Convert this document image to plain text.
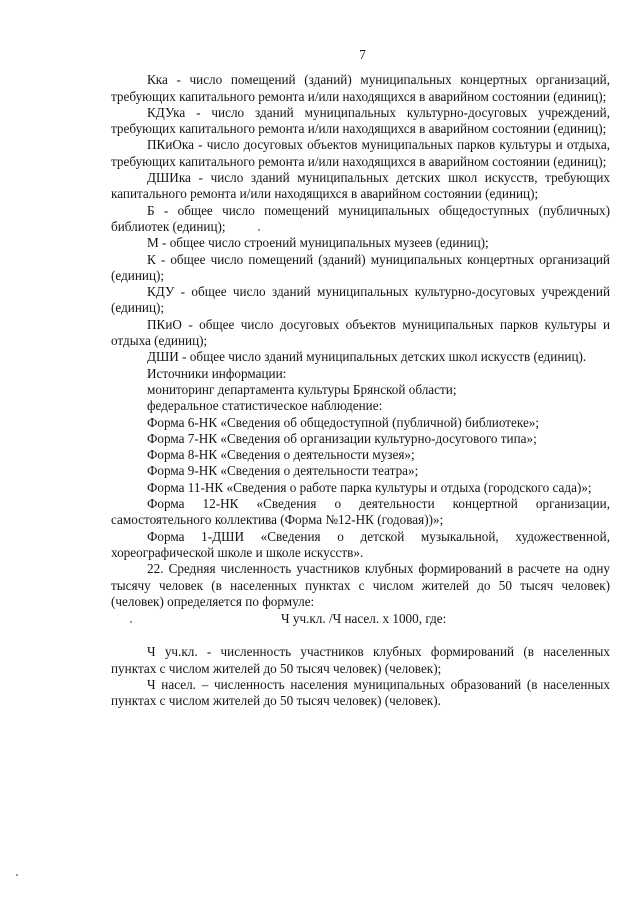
7

Кка - число помещений (зданий) муниципальных концертных организаций, требующих капитального ремонта и/или находящихся в аварийном состоянии (единиц);

КДУка - число зданий муниципальных культурно-досуговых учреждений, требующих капитального ремонта и/или находящихся в аварийном состоянии (единиц);

ПКиОка - число досуговых объектов муниципальных парков культуры и отдыха, требующих капитального ремонта и/или находящихся в аварийном состоянии (единиц);

ДШИка - число зданий муниципальных детских школ искусств, требующих капитального ремонта и/или находящихся в аварийном состоянии (единиц);

Б - общее число помещений муниципальных общедоступных (публичных) библиотек (единиц);

М - общее число строений муниципальных музеев (единиц);

К - общее число помещений (зданий) муниципальных концертных организаций (единиц);

КДУ - общее число зданий муниципальных культурно-досуговых учреждений (единиц);

ПКиО - общее число досуговых объектов муниципальных парков культуры и отдыха (единиц);

ДШИ - общее число зданий муниципальных детских школ искусств (единиц).

Источники информации:

мониторинг департамента культуры Брянской области;

федеральное статистическое наблюдение:

Форма 6-НК «Сведения об общедоступной (публичной) библиотеке»;

Форма 7-НК «Сведения об организации культурно-досугового типа»;

Форма 8-НК «Сведения о деятельности музея»;

Форма 9-НК «Сведения о деятельности театра»;

Форма 11-НК «Сведения о работе парка культуры и отдыха (городского сада)»;

Форма 12-НК «Сведения о деятельности концертной организации, самостоятельного коллектива (Форма №12-НК (годовая))»;

Форма 1-ДШИ «Сведения о детской музыкальной, художественной, хореографической школе и школе искусств».

22. Средняя численность участников клубных формирований в расчете на одну тысячу человек (в населенных пунктах с числом жителей до 50 тысяч человек) (человек) определяется по формуле:

Ч уч.кл. /Ч насел. х 1000, где:

Ч уч.кл. - численность участников клубных формирований (в населенных пунктах с числом жителей до 50 тысяч человек) (человек);

Ч насел. – численность населения муниципальных образований (в населенных пунктах с числом жителей до 50 тысяч человек) (человек).
